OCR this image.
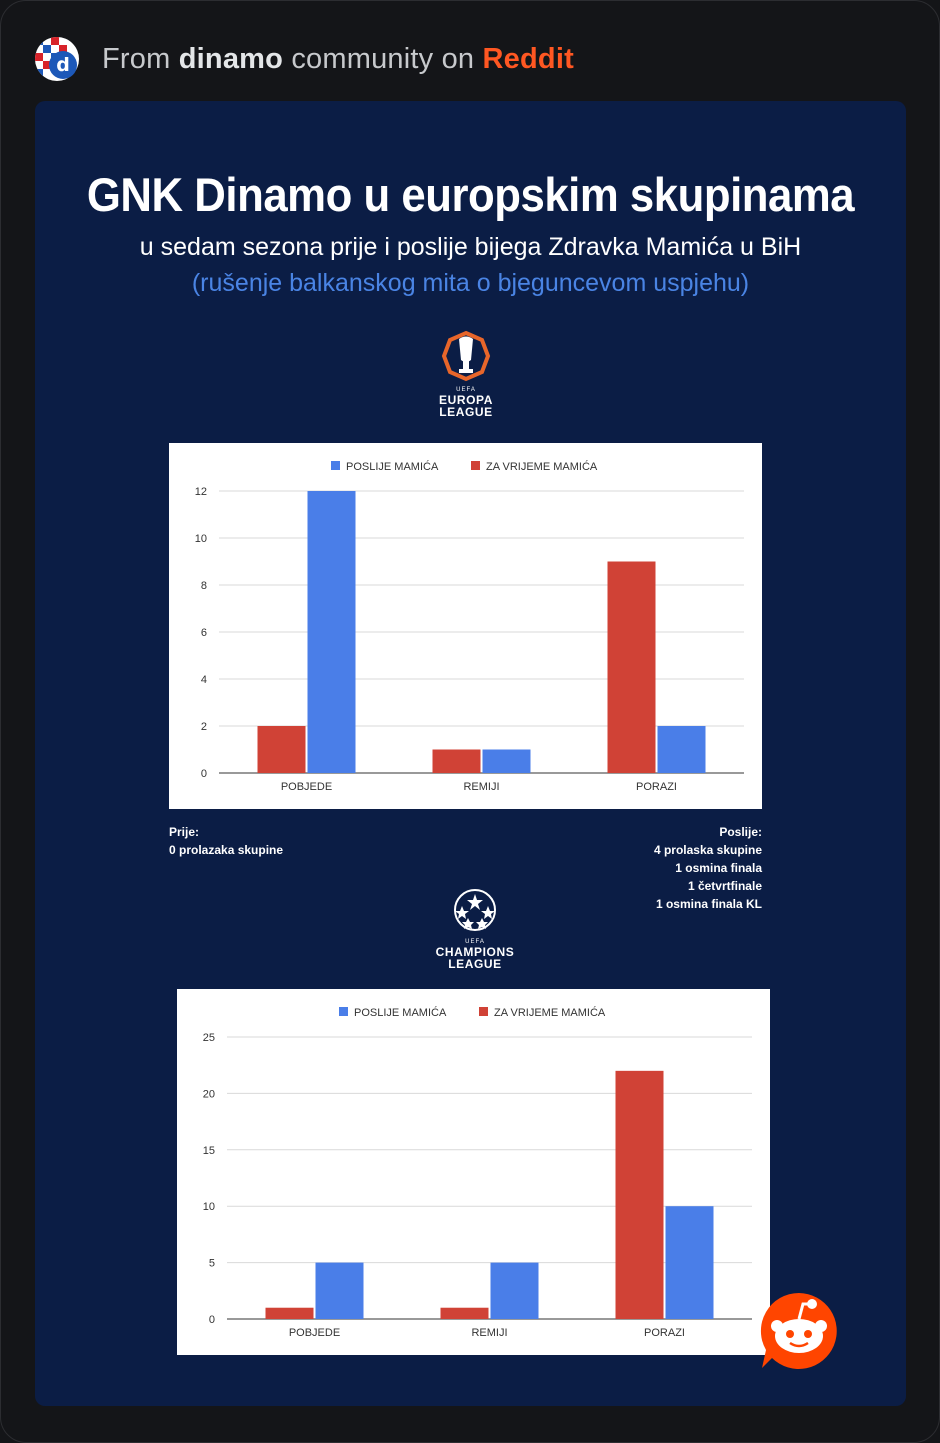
d From dinamo community on Reddit
GNK Dinamo u europskim skupinama
u sedam sezona prije i poslije bijega Zdravka Mamića u BiH
(rušenje balkanskog mita o bjeguncevom uspjehu)
UEFA
EUROPA
LEAGUE
POSLIJE MAMIĆA	ZA VRIJEME MAMIĆA
0
2
4
6
8
10
12
POBJEDE	REMIJI	PORAZI
Prije:
0 prolazaka skupine
Poslije:
4 prolaska skupine
1 osmina finala
1 četvrtfinale
1 osmina finala KL
UEFA
CHAMPIONS
LEAGUE
POSLIJE MAMIĆA	ZA VRIJEME MAMIĆA
0
5
10
15
20
25
POBJEDE	REMIJI	PORAZI
